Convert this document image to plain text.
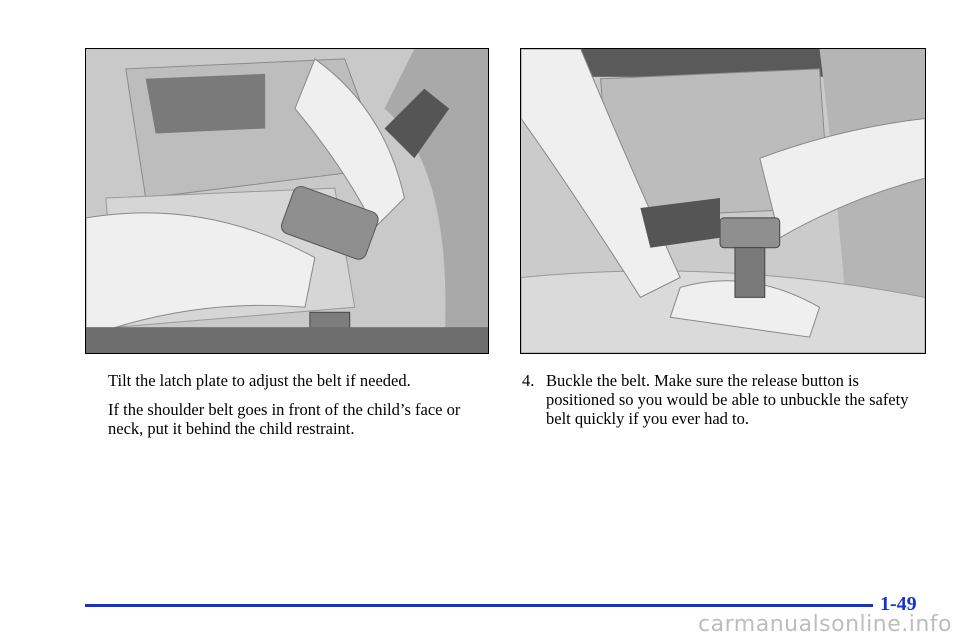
Tilt the latch plate to adjust the belt if needed.

If the shoulder belt goes in front of the child’s face or neck, put it behind the child restraint.

4. Buckle the belt. Make sure the release button is positioned so you would be able to unbuckle the safety belt quickly if you ever had to.
1-49
carmanualsonline.info
